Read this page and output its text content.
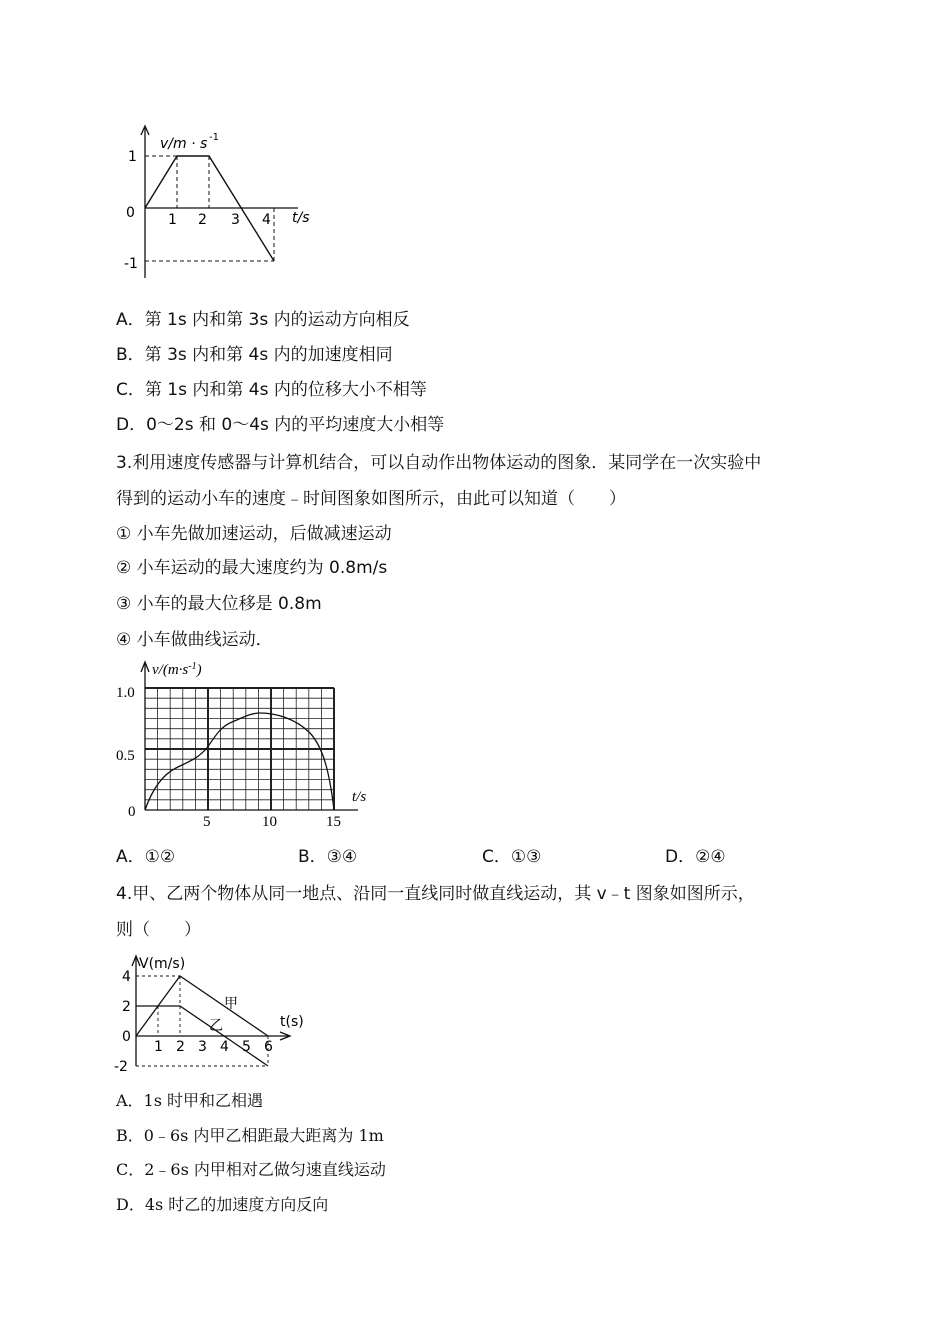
v/m · s -1
t/s
1
0
-1
1 2 3 4
A．第 1s 内和第 3s 内的运动方向相反
B．第 3s 内和第 4s 内的加速度相同
C．第 1s 内和第 4s 内的位移大小不相等
D．0～2s 和 0～4s 内的平均速度大小相等
3.利用速度传感器与计算机结合，可以自动作出物体运动的图象．某同学在一次实验中
得到的运动小车的速度﹣时间图象如图所示，由此可以知道（　　）
① 小车先做加速运动，后做减速运动
② 小车运动的最大速度约为 0.8m/s
③ 小车的最大位移是 0.8m
④ 小车做曲线运动．
$v/(m\cdot s^{-1})$
1.0
0.5
0
t/s
5	10	15
A．①②	B．③④	C．①③	D．②④
4.甲、乙两个物体从同一地点、沿同一直线同时做直线运动，其 v﹣t 图象如图所示，
则（　　）
V(m/s)
t(s)
甲
乙
4
2
0
-2
1 2 3 4 5 6
A．1s 时甲和乙相遇
B．0﹣6s 内甲乙相距最大距离为 1m
C．2﹣6s 内甲相对乙做匀速直线运动
D．4s 时乙的加速度方向反向
